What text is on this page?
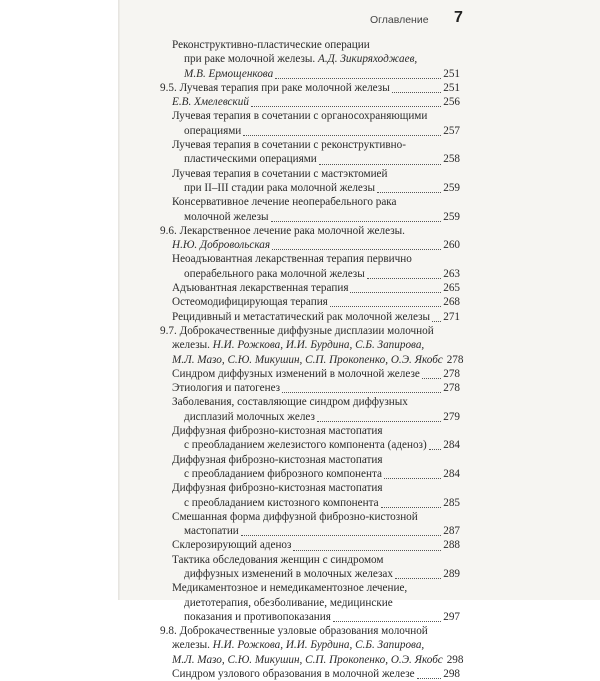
Оглавление	7
Реконструктивно-пластические операции
при раке молочной железы. А.Д. Зикиряходжаев,
М.В. Ермощенкова	251
9.5. Лучевая терапия при раке молочной железы	251
Е.В. Хмелевский	256
Лучевая терапия в сочетании с органосохраняющими
операциями	257
Лучевая терапия в сочетании с реконструктивно-
пластическими операциями	258
Лучевая терапия в сочетании с мастэктомией
при II–III стадии рака молочной железы	259
Консервативное лечение неоперабельного рака
молочной железы	259
9.6. Лекарственное лечение рака молочной железы.
Н.Ю. Добровольская	260
Неоадъювантная лекарственная терапия первично
операбельного рака молочной железы	263
Адъювантная лекарственная терапия	265
Остеомодифицирующая терапия	268
Рецидивный и метастатический рак молочной железы 271
9.7. Доброкачественные диффузные дисплазии молочной
железы. Н.И. Рожкова, И.И. Бурдина, С.Б. Запирова,
М.Л. Мазо, С.Ю. Микушин, С.П. Прокопенко, О.Э. Якобс 278
Синдром диффузных изменений в молочной железе 278
Этиология и патогенез	278
Заболевания, составляющие синдром диффузных
дисплазий молочных желез	279
Диффузная фиброзно-кистозная мастопатия
с преобладанием железистого компонента (аденоз) 284
Диффузная фиброзно-кистозная мастопатия
с преобладанием фиброзного компонента	284
Диффузная фиброзно-кистозная мастопатия
с преобладанием кистозного компонента	285
Смешанная форма диффузной фиброзно-кистозной
мастопатии	287
Склерозирующий аденоз	288
Тактика обследования женщин с синдромом
диффузных изменений в молочных железах	289
Медикаментозное и немедикаментозное лечение,
диетотерапия, обезболивание, медицинские
показания и противопоказания	297
9.8. Доброкачественные узловые образования молочной
железы. Н.И. Рожкова, И.И. Бурдина, С.Б. Запирова,
М.Л. Мазо, С.Ю. Микушин, С.П. Прокопенко, О.Э. Якобс 298
Синдром узлового образования в молочной железе	298
